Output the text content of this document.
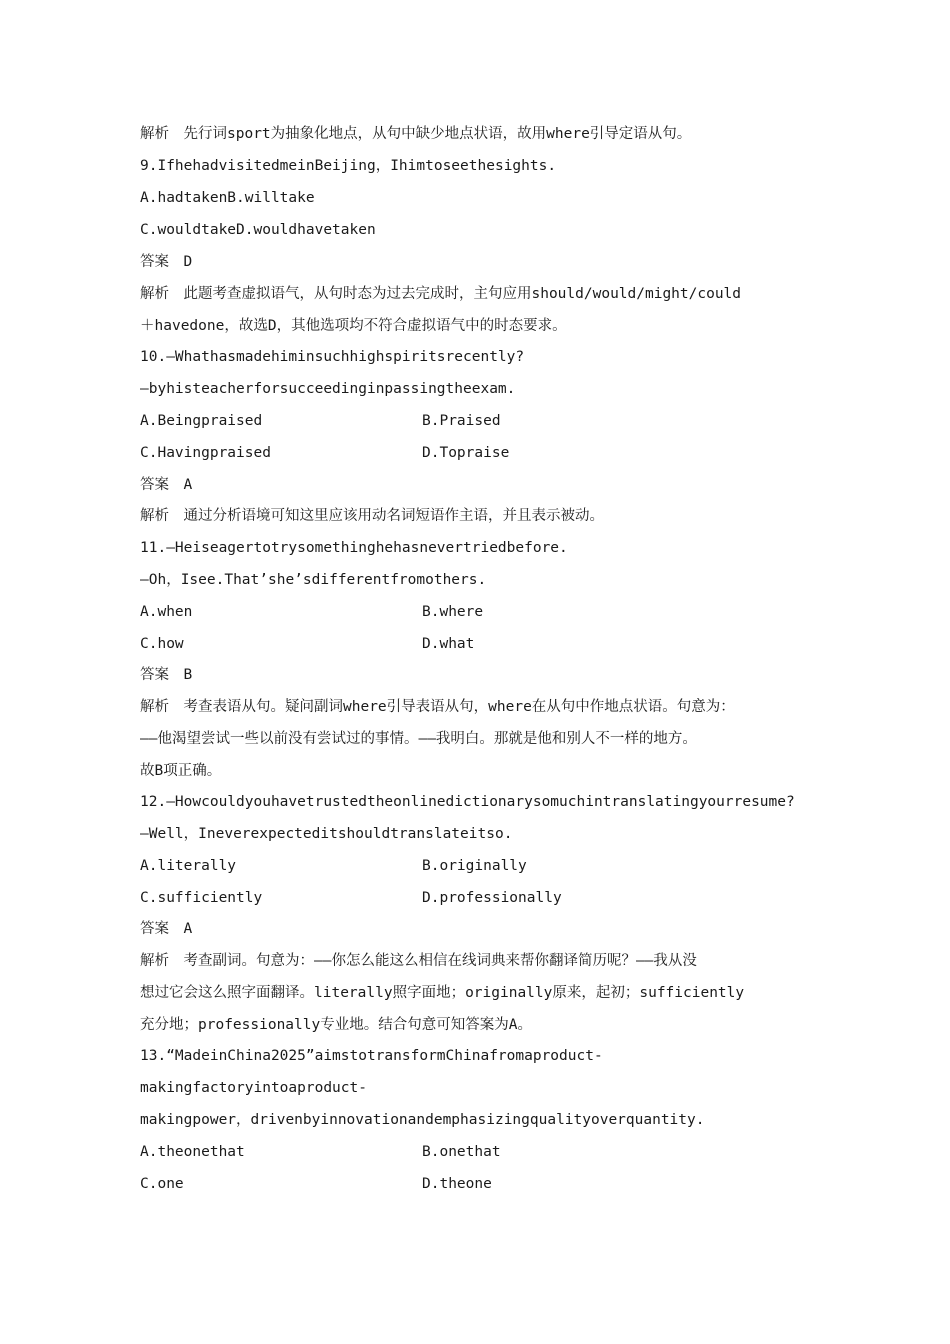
解析　先行词sport为抽象化地点，从句中缺少地点状语，故用where引导定语从句。
9.IfhehadvisitedmeinBeijing，Ihimtoseethesights.
A.hadtakenB.willtake
C.wouldtakeD.wouldhavetaken
答案　D
解析　此题考查虚拟语气，从句时态为过去完成时，主句应用should/would/might/could
＋havedone，故选D，其他选项均不符合虚拟语气中的时态要求。
10.—Whathasmadehiminsuchhighspiritsrecently?
—byhisteacherforsucceedinginpassingtheexam.
A.Beingpraised	B.Praised
C.Havingpraised	D.Topraise
答案　A
解析　通过分析语境可知这里应该用动名词短语作主语，并且表示被动。
11.—Heiseagertotrysomethinghehasnevertriedbefore.
—Oh，Isee.That’she’sdifferentfromothers.
A.when	B.where
C.how	D.what
答案　B
解析　考查表语从句。疑问副词where引导表语从句，where在从句中作地点状语。句意为：
——他渴望尝试一些以前没有尝试过的事情。——我明白。那就是他和别人不一样的地方。
故B项正确。
12.—Howcouldyouhavetrustedtheonlinedictionarysomuchintranslatingyourresume?
—Well，Ineverexpecteditshouldtranslateitso.
A.literally	B.originally
C.sufficiently	D.professionally
答案　A
解析　考查副词。句意为：——你怎么能这么相信在线词典来帮你翻译简历呢？——我从没
想过它会这么照字面翻译。literally照字面地；originally原来，起初；sufficiently
充分地；professionally专业地。结合句意可知答案为A。
13.“MadeinChina2025”aimstotransformChinafromaproduct-
makingfactoryintoaproduct-
makingpower，drivenbyinnovationandemphasizingqualityoverquantity.
A.theonethat	B.onethat
C.one	D.theone
